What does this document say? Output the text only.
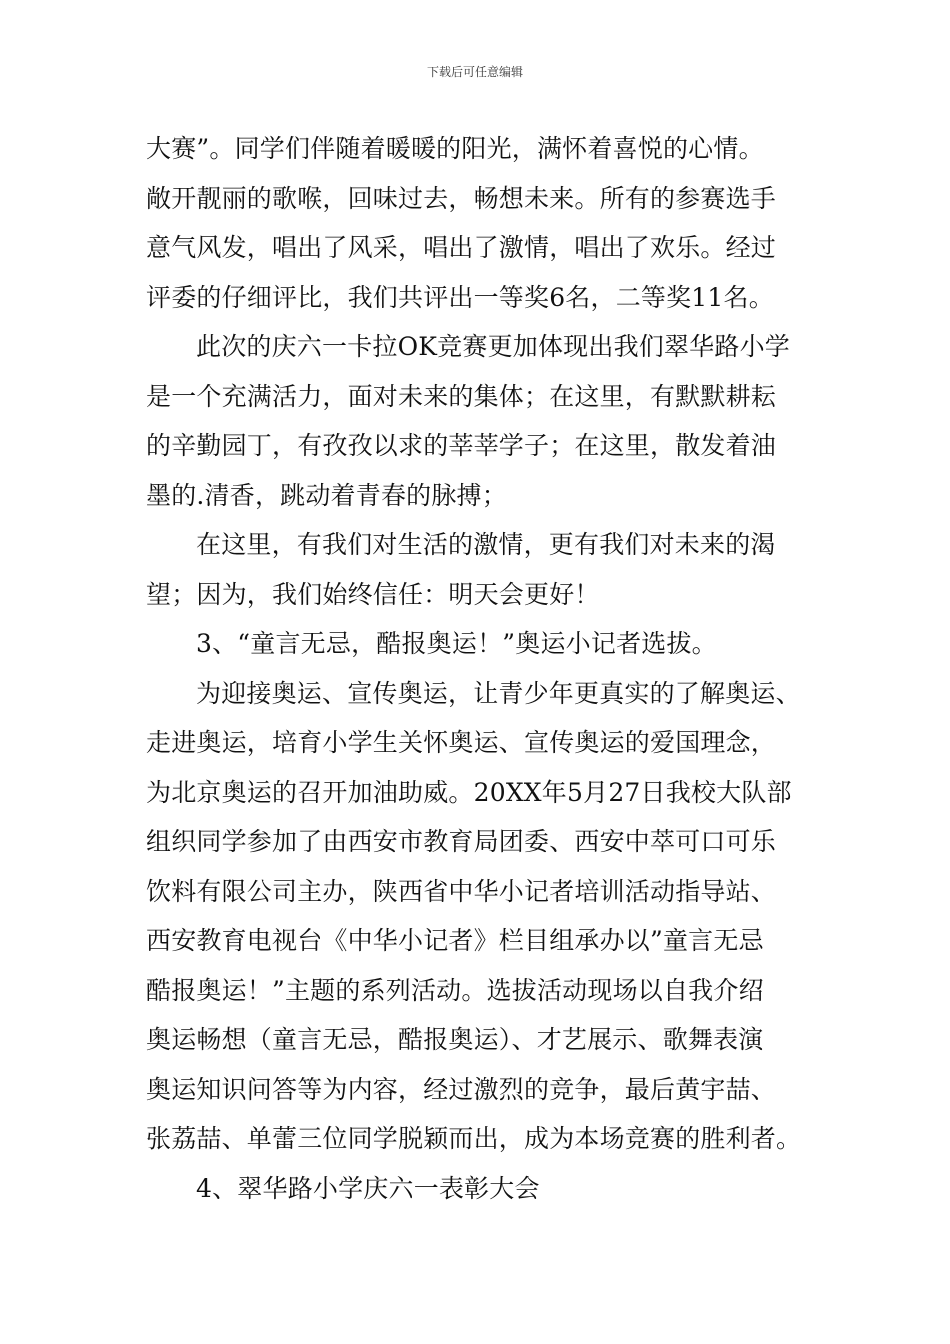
下载后可任意编辑
大赛”。同学们伴随着暖暖的阳光，满怀着喜悦的心情。
敞开靓丽的歌喉，回味过去，畅想未来。所有的参赛选手
意气风发，唱出了风采，唱出了激情，唱出了欢乐。经过
评委的仔细评比，我们共评出一等奖6名，二等奖11名。
此次的庆六一卡拉OK竞赛更加体现出我们翠华路小学
是一个充满活力，面对未来的集体；在这里，有默默耕耘
的辛勤园丁，有孜孜以求的莘莘学子；在这里，散发着油
墨的.清香，跳动着青春的脉搏；
在这里，有我们对生活的激情，更有我们对未来的渴
望；因为，我们始终信任：明天会更好！
3、“童言无忌，酷报奥运！”奥运小记者选拔。
为迎接奥运、宣传奥运，让青少年更真实的了解奥运、
走进奥运，培育小学生关怀奥运、宣传奥运的爱国理念，
为北京奥运的召开加油助威。20XX年5月27日我校大队部
组织同学参加了由西安市教育局团委、西安中萃可口可乐
饮料有限公司主办，陕西省中华小记者培训活动指导站、
西安教育电视台《中华小记者》栏目组承办以”童言无忌
酷报奥运！”主题的系列活动。选拔活动现场以自我介绍
奥运畅想（童言无忌，酷报奥运）、才艺展示、歌舞表演
奥运知识问答等为内容，经过激烈的竞争，最后黄宇喆、
张荔喆、单蕾三位同学脱颖而出，成为本场竞赛的胜利者。
4、翠华路小学庆六一表彰大会
